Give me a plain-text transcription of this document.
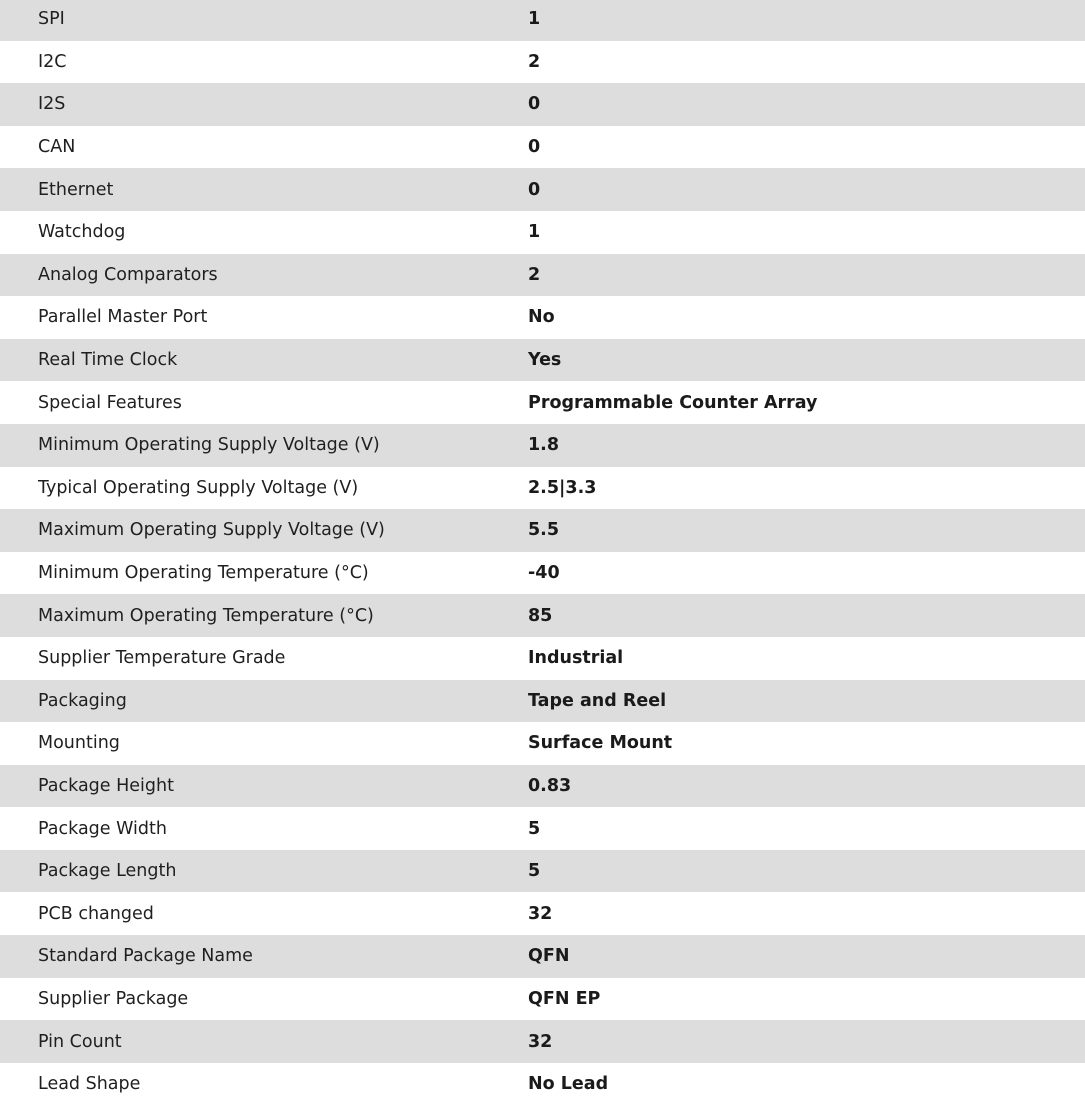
SPI	1
I2C	2
I2S	0
CAN	0
Ethernet	0
Watchdog	1
Analog Comparators	2
Parallel Master Port	No
Real Time Clock	Yes
Special Features	Programmable Counter Array
Minimum Operating Supply Voltage (V)	1.8
Typical Operating Supply Voltage (V)	2.5|3.3
Maximum Operating Supply Voltage (V)	5.5
Minimum Operating Temperature (°C)	-40
Maximum Operating Temperature (°C)	85
Supplier Temperature Grade	Industrial
Packaging	Tape and Reel
Mounting	Surface Mount
Package Height	0.83
Package Width	5
Package Length	5
PCB changed	32
Standard Package Name	QFN
Supplier Package	QFN EP
Pin Count	32
Lead Shape	No Lead
